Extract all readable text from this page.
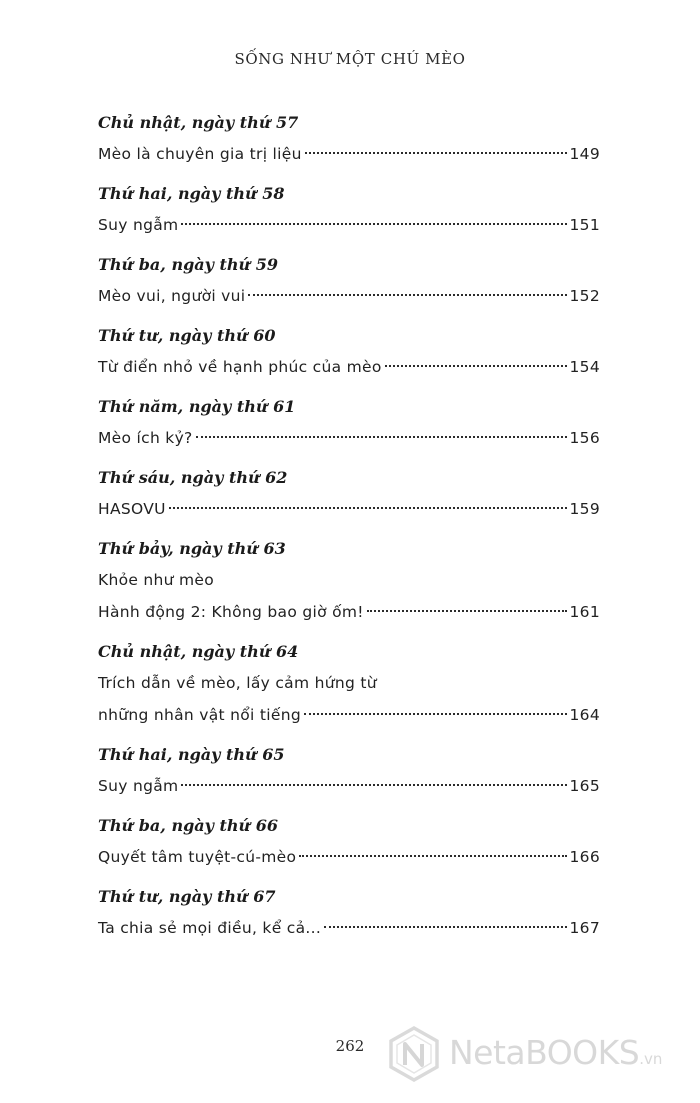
SỐNG NHƯ MỘT CHÚ MÈO
Chủ nhật, ngày thứ 57
Mèo là chuyên gia trị liệu	149
Thứ hai, ngày thứ 58
Suy ngẫm	151
Thứ ba, ngày thứ 59
Mèo vui, người vui	152
Thứ tư, ngày thứ 60
Từ điển nhỏ về hạnh phúc của mèo	154
Thứ năm, ngày thứ 61
Mèo ích kỷ?	156
Thứ sáu, ngày thứ 62
HASOVU	159
Thứ bảy, ngày thứ 63
Khỏe như mèo
Hành động 2: Không bao giờ ốm!	161
Chủ nhật, ngày thứ 64
Trích dẫn về mèo, lấy cảm hứng từ
những nhân vật nổi tiếng	164
Thứ hai, ngày thứ 65
Suy ngẫm	165
Thứ ba, ngày thứ 66
Quyết tâm tuyệt-cú-mèo	166
Thứ tư, ngày thứ 67
Ta chia sẻ mọi điều, kể cả...	167
262	NetaBOOKS.vn
